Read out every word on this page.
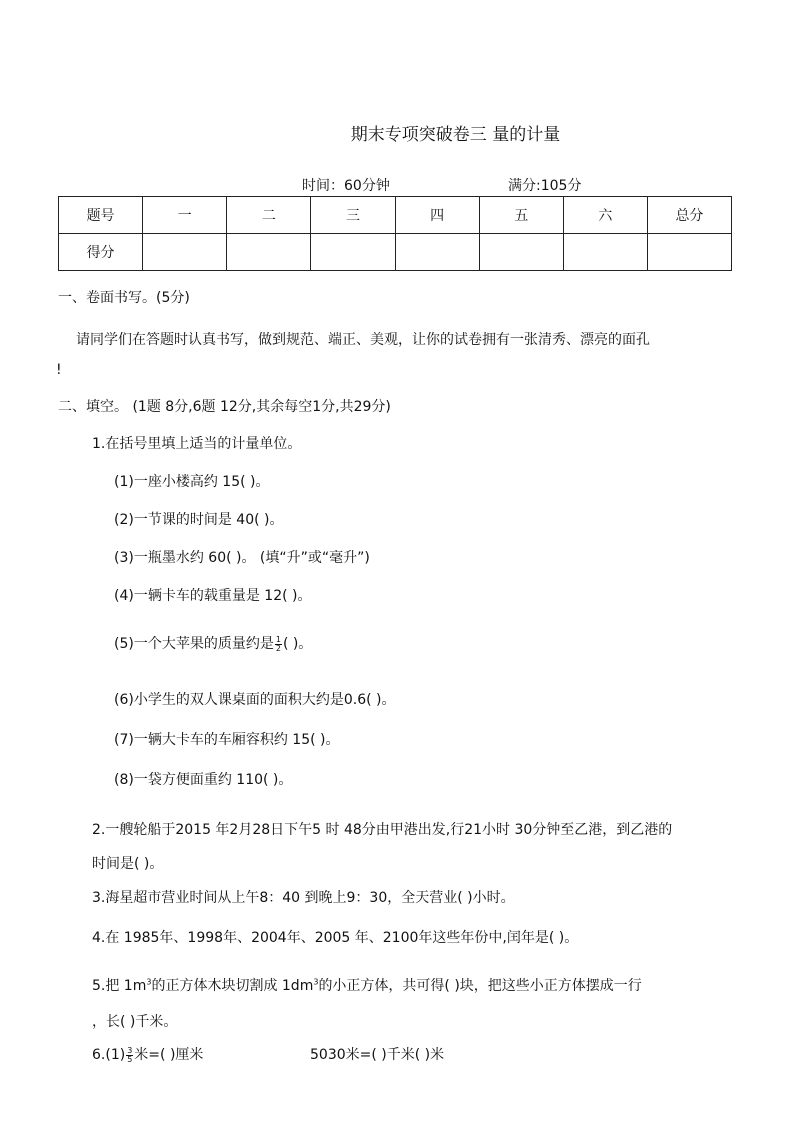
期末专项突破卷三 量的计量
时间：60分钟	满分:105分
题号	一	二	三	四	五	六	总分
得分							
一、卷面书写。(5分)
请同学们在答题时认真书写，做到规范、端正、美观，让你的试卷拥有一张清秀、漂亮的面孔
!
二、填空。 (1题 8分,6题 12分,其余每空1分,共29分)
1.在括号里填上适当的计量单位。
(1)一座小楼高约 15( )。
(2)一节课的时间是 40( )。
(3)一瓶墨水约 60( )。 (填“升”或“毫升”)
(4)一辆卡车的载重量是 12( )。
(5)一个大苹果的质量约是 $\frac{1}{2}$ ( )。
(6)小学生的双人课桌面的面积大约是0.6( )。
(7)一辆大卡车的车厢容积约 15( )。
(8)一袋方便面重约 110( )。
2.一艘轮船于2015 年2月28日下午5 时 48分由甲港出发,行21小时 30分钟至乙港，到乙港的
时间是( )。
3.海星超市营业时间从上午8：40 到晚上9：30，全天营业( )小时。
4.在 1985年、1998年、2004年、2005 年、2100年这些年份中,闰年是( )。
5.把 $1m^3$的正方体木块切割成 $1dm^3$的小正方体，共可得( )块，把这些小正方体摆成一行
，长( )千米。
$6.(1) \frac{3}{5}$ 米=( )厘米	5030米=( )千米( )米
